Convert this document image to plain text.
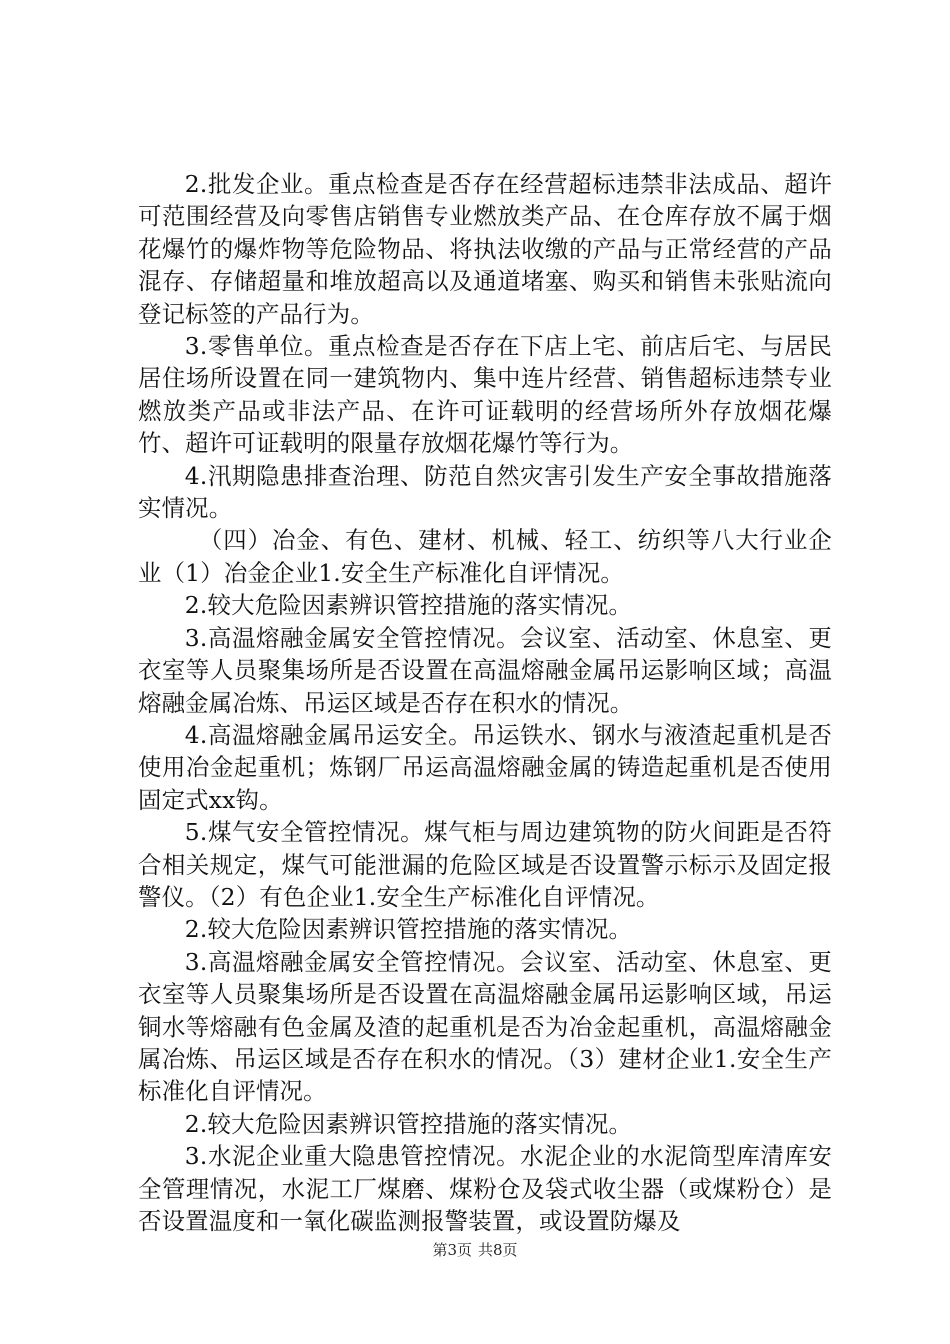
2.批发企业。重点检查是否存在经营超标违禁非法成品、超许可范围经营及向零售店销售专业燃放类产品、在仓库存放不属于烟花爆竹的爆炸物等危险物品、将执法收缴的产品与正常经营的产品混存、存储超量和堆放超高以及通道堵塞、购买和销售未张贴流向登记标签的产品行为。

3.零售单位。重点检查是否存在下店上宅、前店后宅、与居民居住场所设置在同一建筑物内、集中连片经营、销售超标违禁专业燃放类产品或非法产品、在许可证载明的经营场所外存放烟花爆竹、超许可证载明的限量存放烟花爆竹等行为。

4.汛期隐患排查治理、防范自然灾害引发生产安全事故措施落实情况。

（四）冶金、有色、建材、机械、轻工、纺织等八大行业企业（1）冶金企业1.安全生产标准化自评情况。

2.较大危险因素辨识管控措施的落实情况。

3.高温熔融金属安全管控情况。会议室、活动室、休息室、更衣室等人员聚集场所是否设置在高温熔融金属吊运影响区域；高温熔融金属冶炼、吊运区域是否存在积水的情况。

4.高温熔融金属吊运安全。吊运铁水、钢水与液渣起重机是否使用冶金起重机；炼钢厂吊运高温熔融金属的铸造起重机是否使用固定式xx钩。

5.煤气安全管控情况。煤气柜与周边建筑物的防火间距是否符合相关规定，煤气可能泄漏的危险区域是否设置警示标示及固定报警仪。（2）有色企业1.安全生产标准化自评情况。

2.较大危险因素辨识管控措施的落实情况。

3.高温熔融金属安全管控情况。会议室、活动室、休息室、更衣室等人员聚集场所是否设置在高温熔融金属吊运影响区域，吊运铜水等熔融有色金属及渣的起重机是否为冶金起重机，高温熔融金属冶炼、吊运区域是否存在积水的情况。（3）建材企业1.安全生产标准化自评情况。

2.较大危险因素辨识管控措施的落实情况。

3.水泥企业重大隐患管控情况。水泥企业的水泥筒型库清库安全管理情况，水泥工厂煤磨、煤粉仓及袋式收尘器（或煤粉仓）是否设置温度和一氧化碳监测报警装置，或设置防爆及

第3页 共8页
